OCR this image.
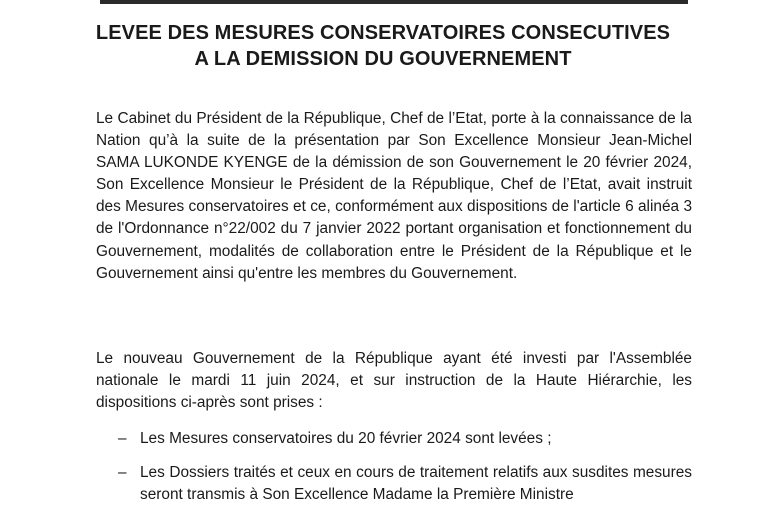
LEVEE DES MESURES CONSERVATOIRES CONSECUTIVES
A LA DEMISSION DU GOUVERNEMENT

Le Cabinet du Président de la République, Chef de l’Etat, porte à la connaissance de la Nation qu’à la suite de la présentation par Son Excellence Monsieur Jean-Michel SAMA LUKONDE KYENGE de la démission de son Gouvernement le 20 février 2024, Son Excellence Monsieur le Président de la République, Chef de l’Etat, avait instruit des Mesures conservatoires et ce, conformément aux dispositions de l'article 6 alinéa 3 de l'Ordonnance n°22/002 du 7 janvier 2022 portant organisation et fonctionnement du Gouvernement, modalités de collaboration entre le Président de la République et le Gouvernement ainsi qu'entre les membres du Gouvernement.

Le nouveau Gouvernement de la République ayant été investi par l'Assemblée nationale le mardi 11 juin 2024, et sur instruction de la Haute Hiérarchie, les dispositions ci-après sont prises :

– Les Mesures conservatoires du 20 février 2024 sont levées ;
– Les Dossiers traités et ceux en cours de traitement relatifs aux susdites mesures seront transmis à Son Excellence Madame la Première Ministre
